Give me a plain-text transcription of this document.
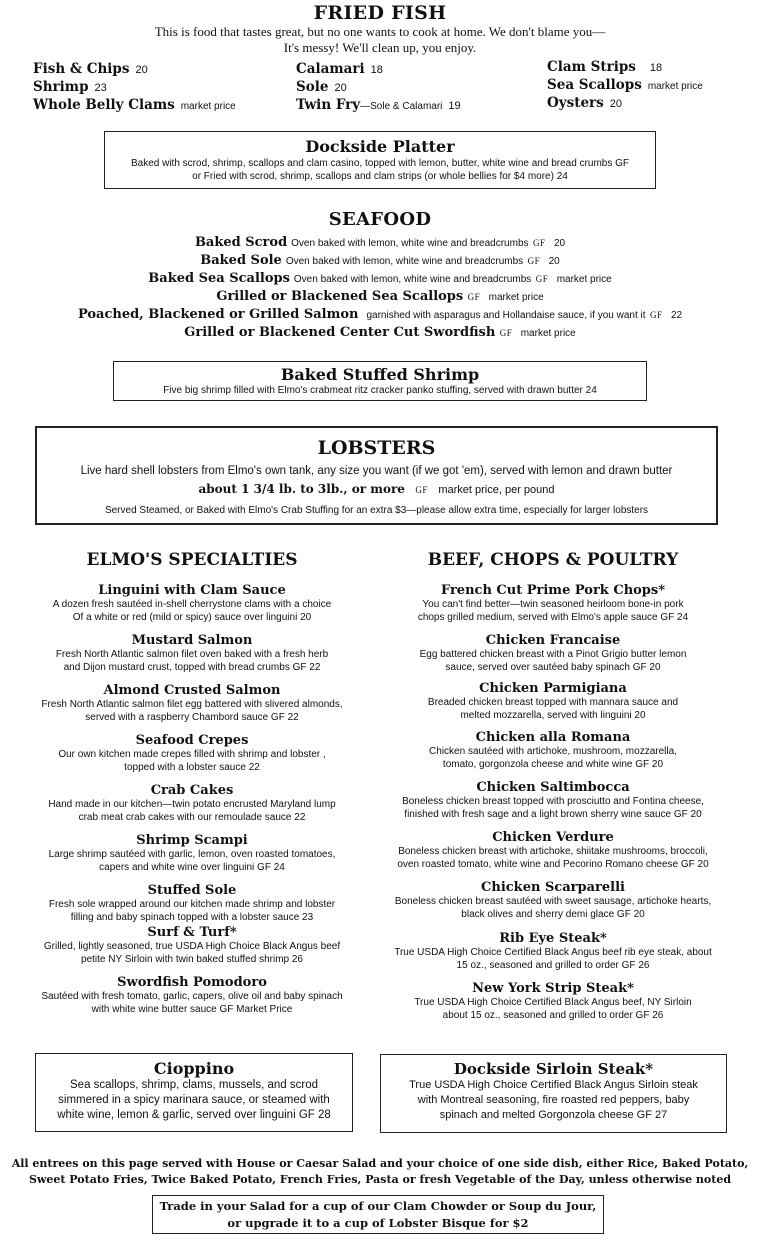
FRIED FISH
This is food that tastes great, but no one wants to cook at home. We don't blame you—
It's messy! We'll clean up, you enjoy.
Fish & Chips 20
Shrimp 23
Whole Belly Clams market price
Calamari 18
Sole 20
Twin Fry—Sole & Calamari 19
Clam Strips 18
Sea Scallops market price
Oysters 20
Dockside Platter
Baked with scrod, shrimp, scallops and clam casino, topped with lemon, butter, white wine and bread crumbs GF
or Fried with scrod, shrimp, scallops and clam strips (or whole bellies for $4 more) 24
SEAFOOD
Baked Scrod Oven baked with lemon, white wine and breadcrumbs GF 20
Baked Sole Oven baked with lemon, white wine and breadcrumbs GF 20
Baked Sea Scallops Oven baked with lemon, white wine and breadcrumbs GF market price
Grilled or Blackened Sea Scallops GF market price
Poached, Blackened or Grilled Salmon garnished with asparagus and Hollandaise sauce, if you want it GF 22
Grilled or Blackened Center Cut Swordfish GF market price
Baked Stuffed Shrimp
Five big shrimp filled with Elmo's crabmeat ritz cracker panko stuffing, served with drawn butter 24
LOBSTERS
Live hard shell lobsters from Elmo's own tank, any size you want (if we got 'em), served with lemon and drawn butter
about 1 3/4 lb. to 3lb., or more GF market price, per pound
Served Steamed, or Baked with Elmo's Crab Stuffing for an extra $3—please allow extra time, especially for larger lobsters
ELMO'S SPECIALTIES	BEEF, CHOPS & POULTRY
Linguini with Clam Sauce
A dozen fresh sautéed in-shell cherrystone clams with a choice
Of a white or red (mild or spicy) sauce over linguini 20
Mustard Salmon
Fresh North Atlantic salmon filet oven baked with a fresh herb
and Dijon mustard crust, topped with bread crumbs GF 22
Almond Crusted Salmon
Fresh North Atlantic salmon filet egg battered with slivered almonds,
served with a raspberry Chambord sauce GF 22
Seafood Crepes
Our own kitchen made crepes filled with shrimp and lobster ,
topped with a lobster sauce 22
Crab Cakes
Hand made in our kitchen—twin potato encrusted Maryland lump
crab meat crab cakes with our remoulade sauce 22
Shrimp Scampi
Large shrimp sautéed with garlic, lemon, oven roasted tomatoes,
capers and white wine over linguini GF 24
Stuffed Sole
Fresh sole wrapped around our kitchen made shrimp and lobster
filling and baby spinach topped with a lobster sauce 23
Surf & Turf*
Grilled, lightly seasoned, true USDA High Choice Black Angus beef
petite NY Sirloin with twin baked stuffed shrimp 26
Swordfish Pomodoro
Sautéed with fresh tomato, garlic, capers, olive oil and baby spinach
with white wine butter sauce GF Market Price
French Cut Prime Pork Chops*
You can't find better—twin seasoned heirloom bone-in pork
chops grilled medium, served with Elmo's apple sauce GF 24
Chicken Francaise
Egg battered chicken breast with a Pinot Grigio butter lemon
sauce, served over sautéed baby spinach GF 20
Chicken Parmigiana
Breaded chicken breast topped with mannara sauce and
melted mozzarella, served with linguini 20
Chicken alla Romana
Chicken sautéed with artichoke, mushroom, mozzarella,
tomato, gorgonzola cheese and white wine GF 20
Chicken Saltimbocca
Boneless chicken breast topped with prosciutto and Fontina cheese,
finished with fresh sage and a light brown sherry wine sauce GF 20
Chicken Verdure
Boneless chicken breast with artichoke, shiitake mushrooms, broccoli,
oven roasted tomato, white wine and Pecorino Romano cheese GF 20
Chicken Scarparelli
Boneless chicken breast sautéed with sweet sausage, artichoke hearts,
black olives and sherry demi glace GF 20
Rib Eye Steak*
True USDA High Choice Certified Black Angus beef rib eye steak, about
15 oz., seasoned and grilled to order GF 26
New York Strip Steak*
True USDA High Choice Certified Black Angus beef, NY Sirloin
about 15 oz., seasoned and grilled to order GF 26
Cioppino
Sea scallops, shrimp, clams, mussels, and scrod
simmered in a spicy marinara sauce, or steamed with
white wine, lemon & garlic, served over linguini GF 28
Dockside Sirloin Steak*
True USDA High Choice Certified Black Angus Sirloin steak
with Montreal seasoning, fire roasted red peppers, baby
spinach and melted Gorgonzola cheese GF 27
All entrees on this page served with House or Caesar Salad and your choice of one side dish, either Rice, Baked Potato,
Sweet Potato Fries, Twice Baked Potato, French Fries, Pasta or fresh Vegetable of the Day, unless otherwise noted
Trade in your Salad for a cup of our Clam Chowder or Soup du Jour,
or upgrade it to a cup of Lobster Bisque for $2
